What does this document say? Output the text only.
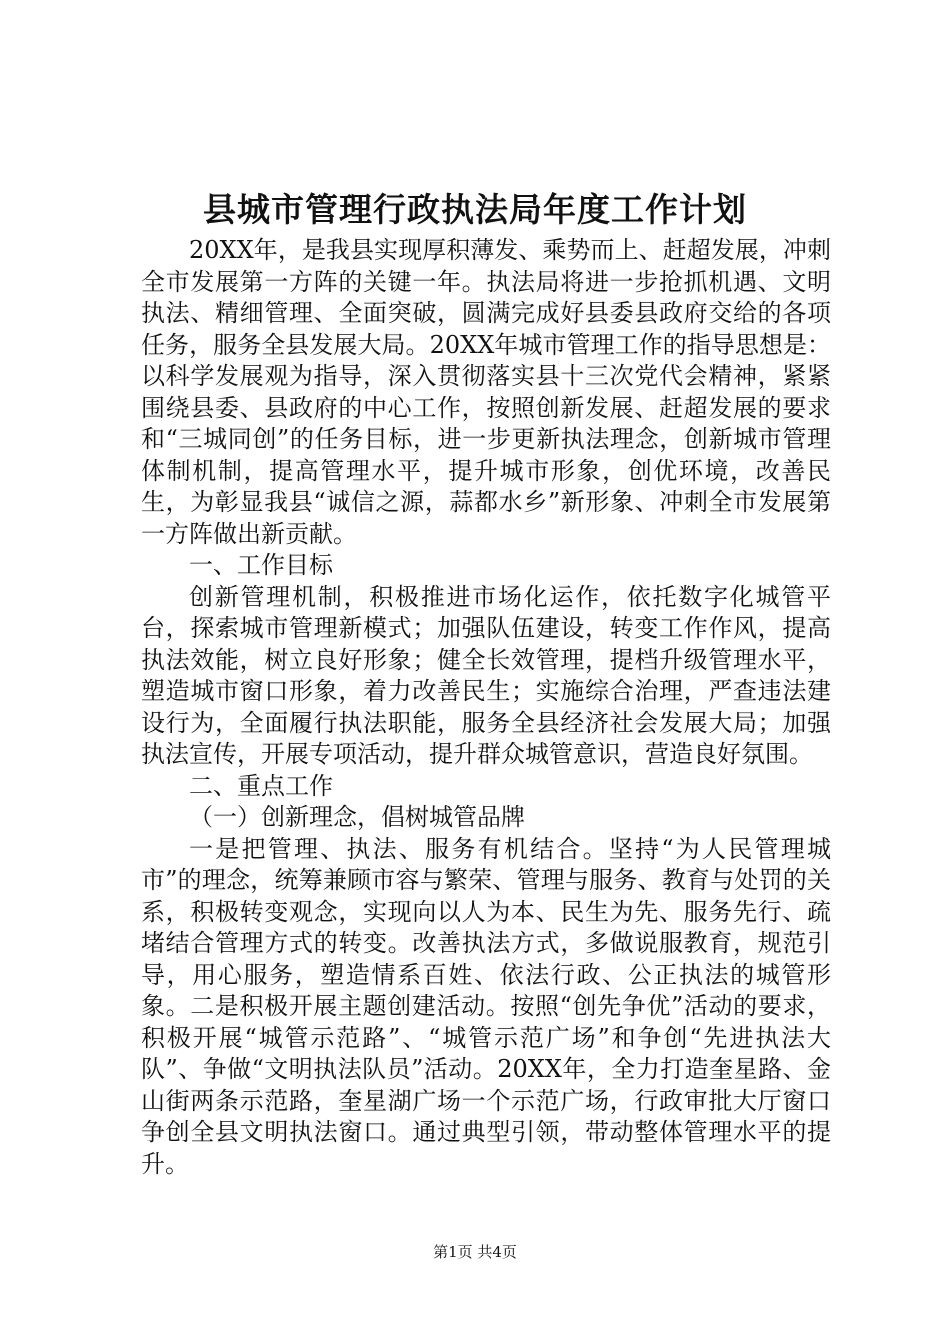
县城市管理行政执法局年度工作计划

20XX年，是我县实现厚积薄发、乘势而上、赶超发展，冲刺全市发展第一方阵的关键一年。执法局将进一步抢抓机遇、文明执法、精细管理、全面突破，圆满完成好县委县政府交给的各项任务，服务全县发展大局。20XX年城市管理工作的指导思想是：以科学发展观为指导，深入贯彻落实县十三次党代会精神，紧紧围绕县委、县政府的中心工作，按照创新发展、赶超发展的要求和“三城同创”的任务目标，进一步更新执法理念，创新城市管理体制机制，提高管理水平，提升城市形象，创优环境，改善民生，为彰显我县“诚信之源，蒜都水乡”新形象、冲刺全市发展第一方阵做出新贡献。

一、工作目标

创新管理机制，积极推进市场化运作，依托数字化城管平台，探索城市管理新模式；加强队伍建设，转变工作作风，提高执法效能，树立良好形象；健全长效管理，提档升级管理水平，塑造城市窗口形象，着力改善民生；实施综合治理，严查违法建设行为，全面履行执法职能，服务全县经济社会发展大局；加强执法宣传，开展专项活动，提升群众城管意识，营造良好氛围。

二、重点工作

（一）创新理念，倡树城管品牌

一是把管理、执法、服务有机结合。坚持“为人民管理城市”的理念，统筹兼顾市容与繁荣、管理与服务、教育与处罚的关系，积极转变观念，实现向以人为本、民生为先、服务先行、疏堵结合管理方式的转变。改善执法方式，多做说服教育，规范引导，用心服务，塑造情系百姓、依法行政、公正执法的城管形象。二是积极开展主题创建活动。按照“创先争优”活动的要求，积极开展“城管示范路”、“城管示范广场”和争创“先进执法大队”、争做“文明执法队员”活动。20XX年，全力打造奎星路、金山街两条示范路，奎星湖广场一个示范广场，行政审批大厅窗口争创全县文明执法窗口。通过典型引领，带动整体管理水平的提升。

第1页 共4页
